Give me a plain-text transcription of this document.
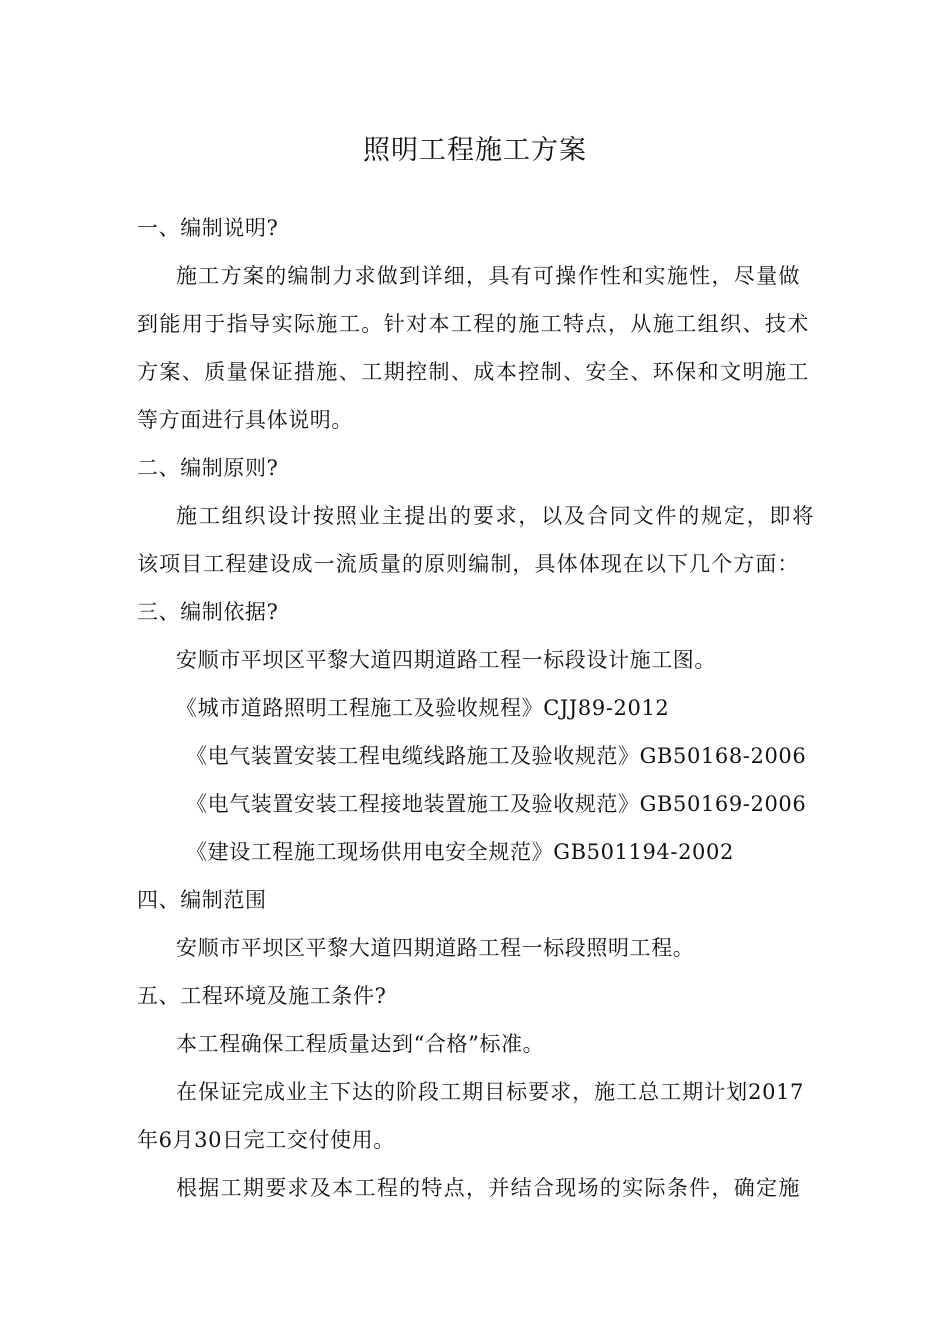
照明工程施工方案
一、编制说明?
施工方案的编制力求做到详细，具有可操作性和实施性，尽量做
到能用于指导实际施工。针对本工程的施工特点，从施工组织、技术
方案、质量保证措施、工期控制、成本控制、安全、环保和文明施工
等方面进行具体说明。
二、编制原则?
施工组织设计按照业主提出的要求，以及合同文件的规定，即将
该项目工程建设成一流质量的原则编制，具体体现在以下几个方面：
三、编制依据?
安顺市平坝区平黎大道四期道路工程一标段设计施工图。
《城市道路照明工程施工及验收规程》CJJ89-2012
《电气装置安装工程电缆线路施工及验收规范》GB50168-2006
《电气装置安装工程接地装置施工及验收规范》GB50169-2006
《建设工程施工现场供用电安全规范》GB501194-2002
四、编制范围
安顺市平坝区平黎大道四期道路工程一标段照明工程。
五、工程环境及施工条件?
本工程确保工程质量达到“合格”标准。
在保证完成业主下达的阶段工期目标要求，施工总工期计划2017
年6月30日完工交付使用。
根据工期要求及本工程的特点，并结合现场的实际条件，确定施
